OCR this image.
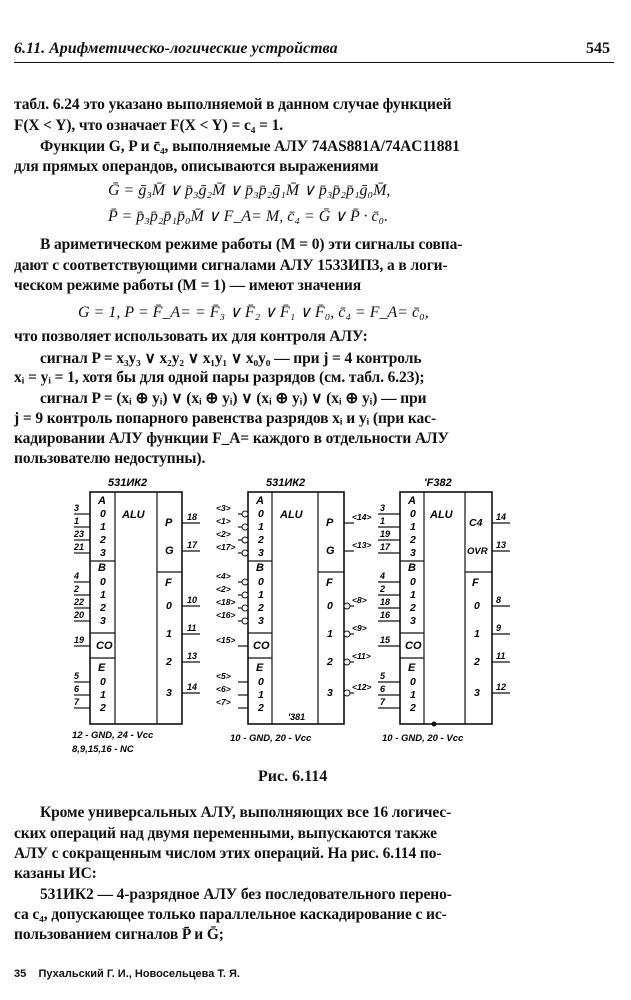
6.11. Арифметическо-логические устройства	545
табл. 6.24 это указано выполняемой в данном случае функцией
F(X < Y), что означает F(X < Y) = c₄ = 1.
Функции G, P и c̄₄, выполняемые АЛУ 74AS881A/74AC11881
для прямых операндов, описываются выражениями
Ḡ = ḡ₃M̄ ∨ p̄₃ḡ₂M̄ ∨ p̄₃p̄₂ḡ₁M̄ ∨ p̄₃p̄₂p̄₁ḡ₀M̄,
P̄ = p̄₃p̄₂p̄₁p̄₀M̄ ∨ F_A= M, c̄₄ = Ḡ ∨ P̄ · c̄₀.
В ариметическом режиме работы (M = 0) эти сигналы совпа-
дают с соответствующими сигналами АЛУ 1533ИП3, а в логи-
ческом режиме работы (M = 1) — имеют значения
G = 1, P = F̄_A= = F̄₃ ∨ F̄₂ ∨ F̄₁ ∨ F̄₀, c̄₄ = F_A= c̄₀,
что позволяет использовать их для контроля АЛУ:
сигнал P = x₃y₃ ∨ x₂y₂ ∨ x₁y₁ ∨ x₀y₀ — при j = 4 контроль
xᵢ = yᵢ = 1, хотя бы для одной пары разрядов (см. табл. 6.23);
сигнал P = (xᵢ ⊕ yᵢ) ∨ (xᵢ ⊕ yᵢ) ∨ (xᵢ ⊕ yᵢ) ∨ (xᵢ ⊕ yᵢ) — при
j = 9 контроль попарного равенства разрядов xᵢ и yᵢ (при кас-
кадировании АЛУ функции F_A= каждого в отдельности АЛУ
пользователю недоступны).
531ИК2
ALU
A
B
CO
E
P
G
F
0
1
2
3
0
1
2
3
0
1
2
0
1
2
3
3
1
23
21
4
2
22
20
19
5
6
7
18
17
10
11
13
14
12 - GND, 24 - Vcc
8,9,15,16 - NC
531ИК2
ALU
A
B
CO
E
P
G
F
0
1
2
3
0
1
2
3
0
1
2
0
1
2
3
<3>
<1>
<2>
<17>
<4>
<2>
<18>
<16>
<15>
<5>
<6>
<7>
<14>
<13>
<8>
<9>
<11>
<12>
'381
10 - GND, 20 - Vcc
'F382
ALU
A
B
CO
E
C4
OVR
F
0
1
2
3
0
1
2
3
0
1
2
0
1
2
3
3
1
19
17
4
2
18
16
15
5
6
7
14
13
8
9
11
12
10 - GND, 20 - Vcc
Рис. 6.114
Кроме универсальных АЛУ, выполняющих все 16 логичес-
ских операций над двумя переменными, выпускаются также
АЛУ с сокращенным числом этих операций. На рис. 6.114 по-
казаны ИС:
531ИК2 — 4-разрядное АЛУ без последовательного перено-
са c₄, допускающее только параллельное каскадирование с ис-
пользованием сигналов P̄ и Ḡ;
35 Пухальский Г. И., Новосельцева Т. Я.
